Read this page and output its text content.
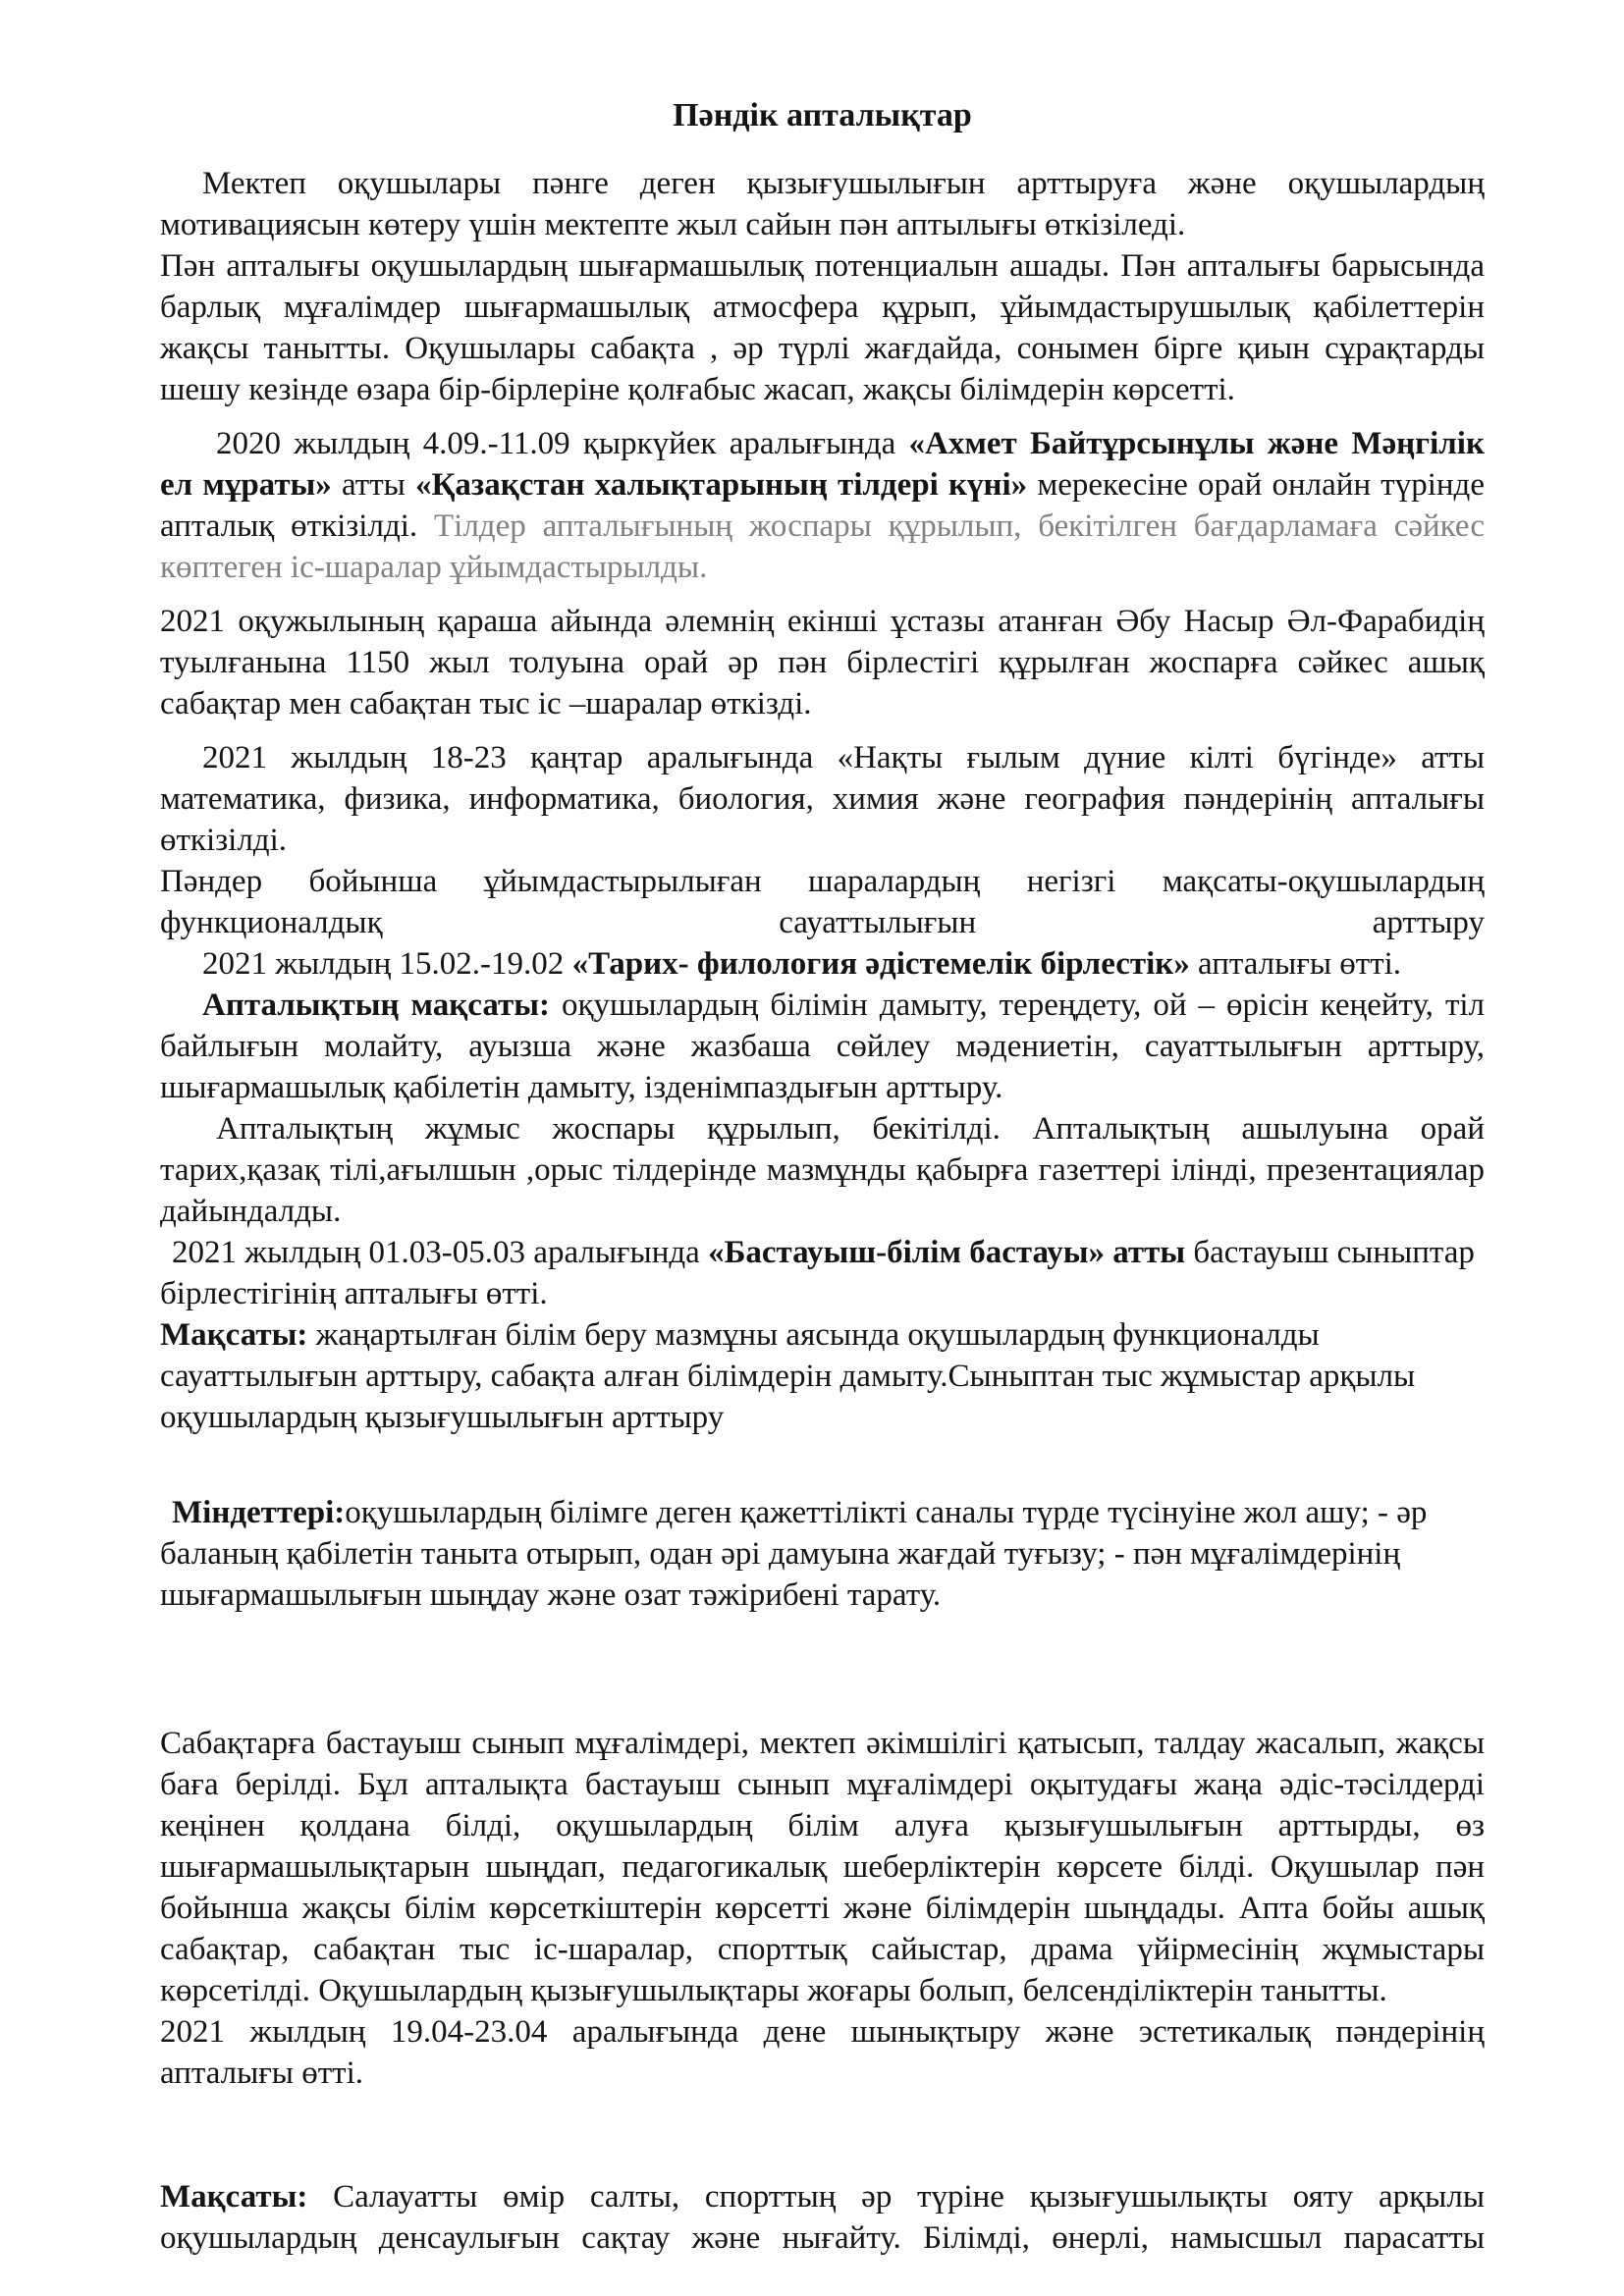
Пәндік апталықтар

Мектеп оқушылары пәнге деген қызығушылығын арттыруға және оқушылардың мотивациясын көтеру үшін мектепте жыл сайын пән аптылығы өткізіледі.

Пән апталығы оқушылардың шығармашылық потенциалын ашады. Пән апталығы барысында барлық мұғалімдер шығармашылық атмосфера құрып, ұйымдастырушылық қабілеттерін жақсы танытты. Оқушылары сабақта , әр түрлі жағдайда, сонымен бірге қиын сұрақтарды шешу кезінде өзара бір-бірлеріне қолғабыс жасап, жақсы білімдерін көрсетті.

2020 жылдың 4.09.-11.09 қыркүйек аралығында «Ахмет Байтұрсынұлы және Мәңгілік ел мұраты» атты «Қазақстан халықтарының тілдері күні» мерекесіне орай онлайн түрінде апталық өткізілді. Тілдер апталығының жоспары құрылып, бекітілген бағдарламаға сәйкес көптеген іс-шаралар ұйымдастырылды.

2021 оқужылының қараша айында әлемнің екінші ұстазы атанған Әбу Насыр Әл-Фарабидің туылғанына 1150 жыл толуына орай әр пән бірлестігі құрылған жоспарға сәйкес ашық сабақтар мен сабақтан тыс іс –шаралар өткізді.

2021 жылдың 18-23 қаңтар аралығында «Нақты ғылым дүние кілті бүгінде» атты математика, физика, информатика, биология, химия және география пәндерінің апталығы өткізілді.

Пәндер бойынша ұйымдастырылыған шаралардың негізгі мақсаты-оқушылардың функционалдық сауаттылығын арттыру

2021 жылдың 15.02.-19.02 «Тарих- филология әдістемелік бірлестік» апталығы өтті.

Апталықтың мақсаты: оқушылардың білімін дамыту, тереңдету, ой – өрісін кеңейту, тіл байлығын молайту, ауызша және жазбаша сөйлеу мәдениетін, сауаттылығын арттыру, шығармашылық қабілетін дамыту, ізденімпаздығын арттыру.

Апталықтың жұмыс жоспары құрылып, бекітілді. Апталықтың ашылуына орай тарих,қазақ тілі,ағылшын ,орыс тілдерінде мазмұнды қабырға газеттері ілінді, презентациялар дайындалды.

2021 жылдың 01.03-05.03 аралығында «Бастауыш-білім бастауы» атты бастауыш сыныптар бірлестігінің апталығы өтті.

Мақсаты: жаңартылған білім беру мазмұны аясында оқушылардың функционалды сауаттылығын арттыру, сабақта алған білімдерін дамыту.Сыныптан тыс жұмыстар арқылы оқушылардың қызығушылығын арттыру

Міндеттері:оқушылардың білімге деген қажеттілікті саналы түрде түсінуіне жол ашу; - әр баланың қабілетін таныта отырып, одан әрі дамуына жағдай туғызу; - пән мұғалімдерінің шығармашылығын шыңдау және озат тәжірибені тарату.

Сабақтарға бастауыш сынып мұғалімдері, мектеп әкімшілігі қатысып, талдау жасалып, жақсы баға берілді. Бұл апталықта бастауыш сынып мұғалімдері оқытудағы жаңа әдіс-тәсілдерді кеңінен қолдана білді, оқушылардың білім алуға қызығушылығын арттырды, өз шығармашылықтарын шыңдап, педагогикалық шеберліктерін көрсете білді. Оқушылар пән бойынша жақсы білім көрсеткіштерін көрсетті және білімдерін шыңдады. Апта бойы ашық сабақтар, сабақтан тыс іс-шаралар, спорттық сайыстар, драма үйірмесінің жұмыстары көрсетілді. Оқушылардың қызығушылықтары жоғары болып, белсенділіктерін танытты.

2021 жылдың 19.04-23.04 аралығында дене шынықтыру және эстетикалық пәндерінің апталығы өтті.

Мақсаты: Салауатты өмір салты, спорттың әр түріне қызығушылықты ояту арқылы оқушылардың денсаулығын сақтау және нығайту. Білімді, өнерлі, намысшыл парасатты
